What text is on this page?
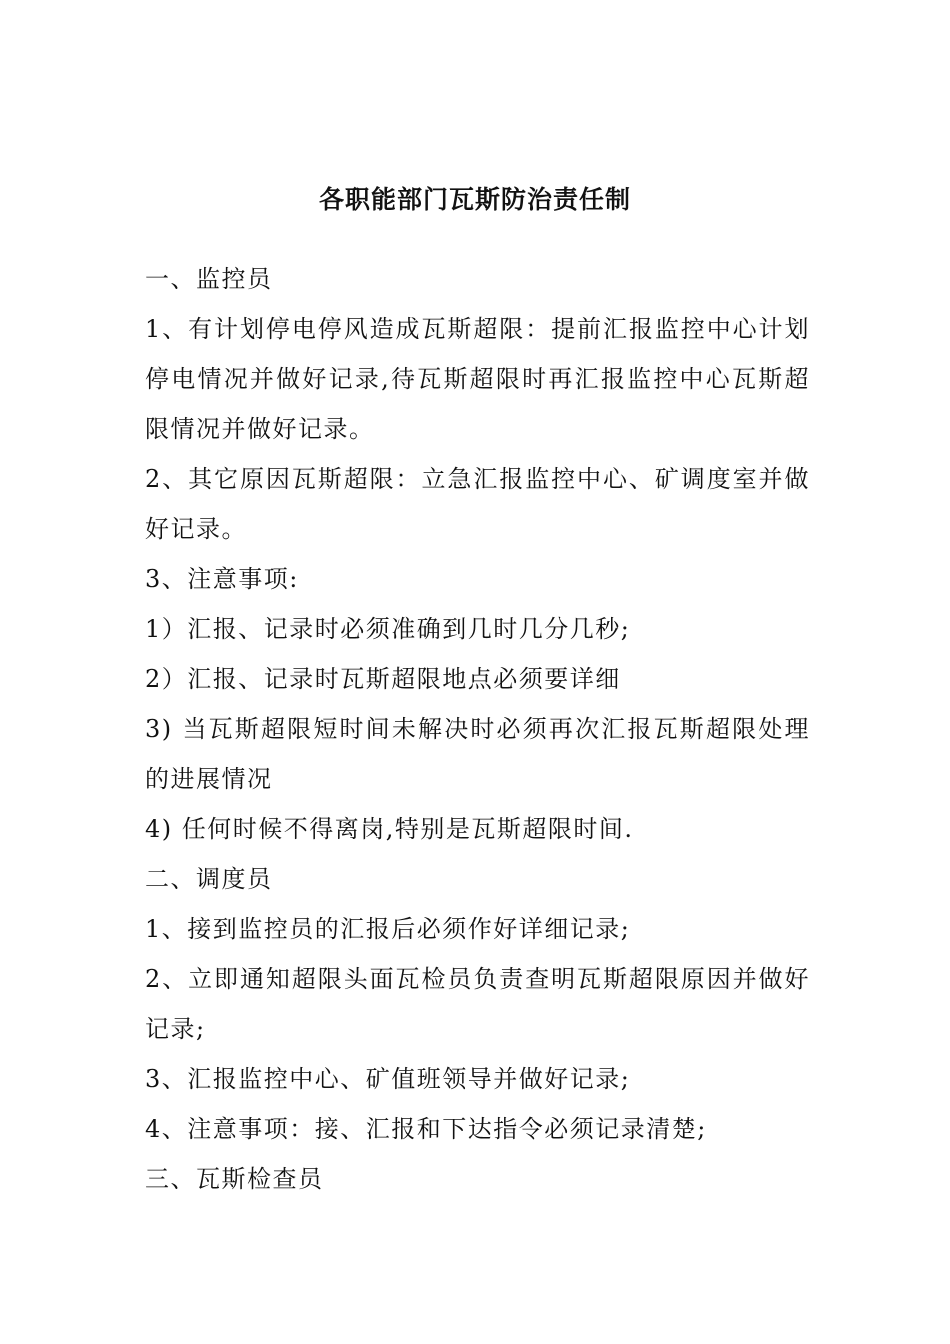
各职能部门瓦斯防治责任制

一、监控员

1、有计划停电停风造成瓦斯超限：提前汇报监控中心计划停电情况并做好记录,待瓦斯超限时再汇报监控中心瓦斯超限情况并做好记录。

2、其它原因瓦斯超限：立急汇报监控中心、矿调度室并做好记录。

3、注意事项:

1）汇报、记录时必须准确到几时几分几秒;

2）汇报、记录时瓦斯超限地点必须要详细

3) 当瓦斯超限短时间未解决时必须再次汇报瓦斯超限处理的进展情况

4) 任何时候不得离岗,特别是瓦斯超限时间.

二、调度员

1、接到监控员的汇报后必须作好详细记录;

2、立即通知超限头面瓦检员负责查明瓦斯超限原因并做好记录;

3、汇报监控中心、矿值班领导并做好记录;

4、注意事项：接、汇报和下达指令必须记录清楚;

三、瓦斯检查员
